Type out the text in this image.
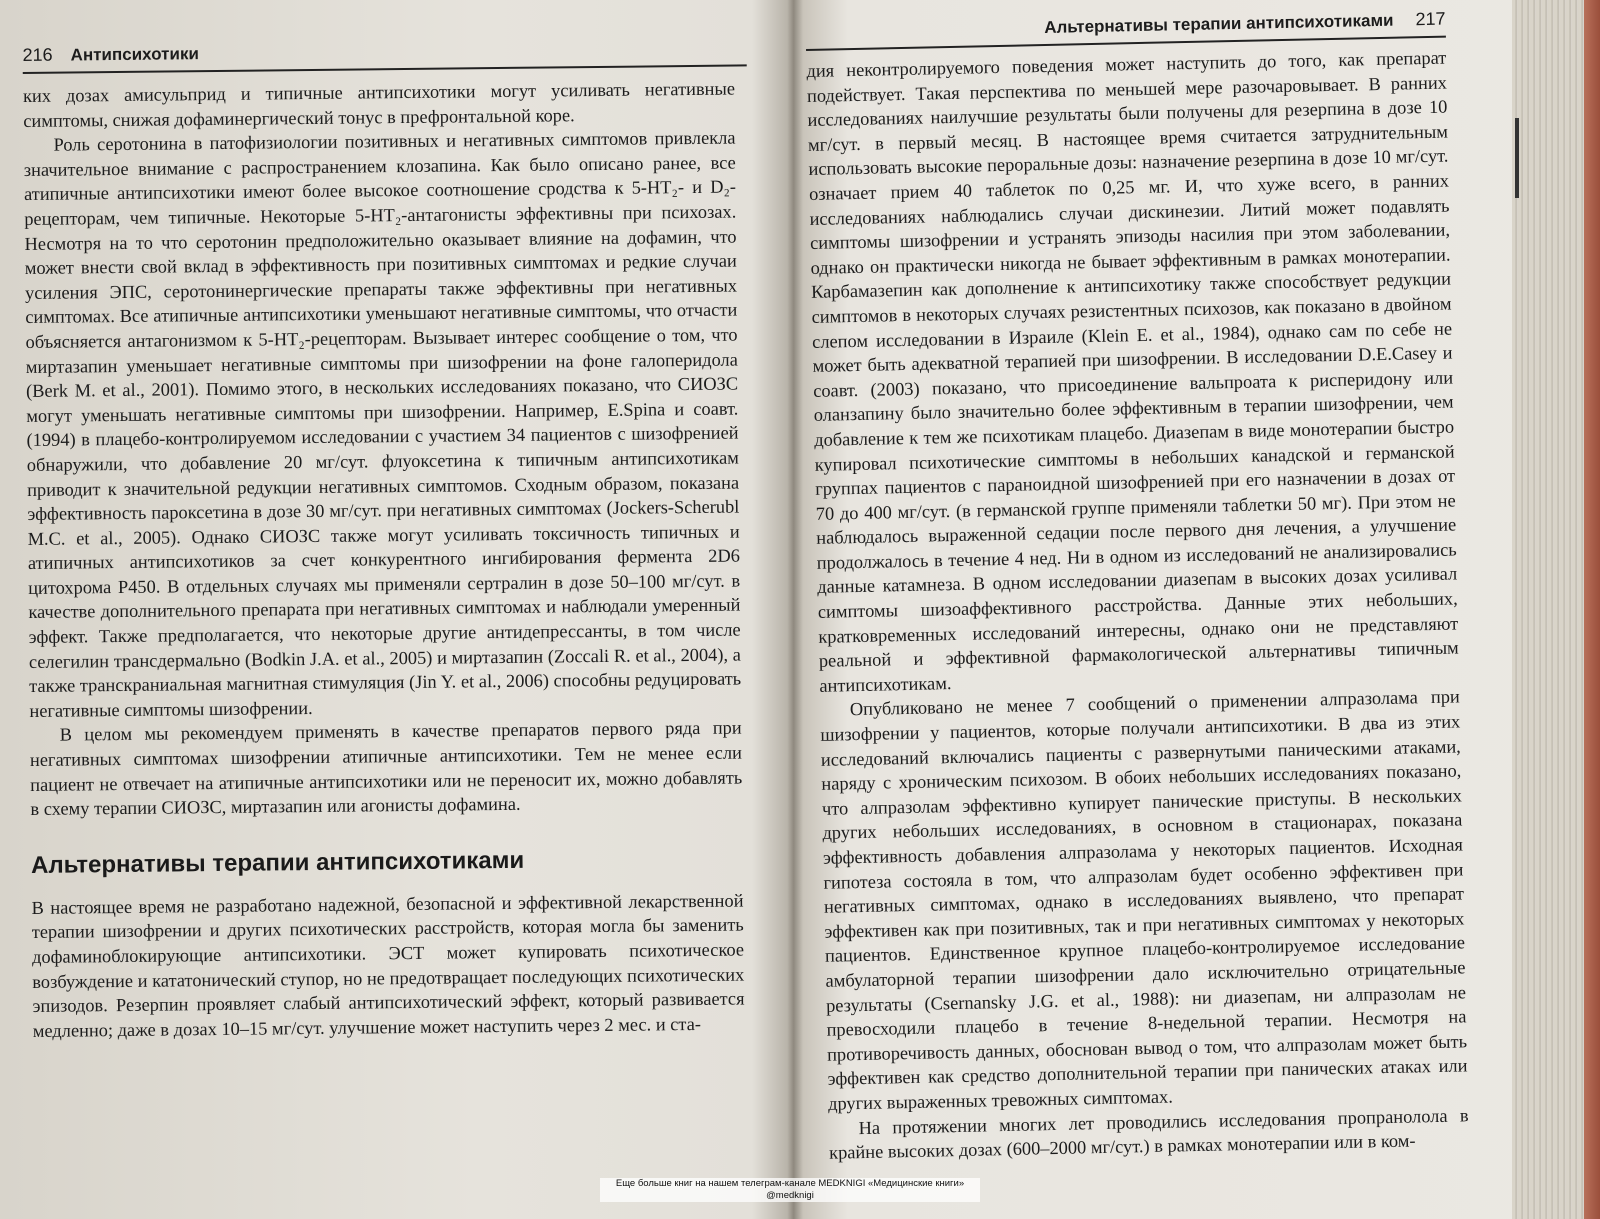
216 Антипсихотики

ких дозах амисульприд и типичные антипсихотики могут усиливать негативные симптомы, снижая дофаминергический тонус в префронтальной коре.

Роль серотонина в патофизиологии позитивных и негативных симптомов привлекла значительное внимание с распространением клозапина. Как было описано ранее, все атипичные антипсихотики имеют более высокое соотношение сродства к 5-HT₂- и D₂-рецепторам, чем типичные. Некоторые 5-HT₂-антагонисты эффективны при психозах. Несмотря на то что серотонин предположительно оказывает влияние на дофамин, что может внести свой вклад в эффективность при позитивных симптомах и редкие случаи усиления ЭПС, серотонинергические препараты также эффективны при негативных симптомах. Все атипичные антипсихотики уменьшают негативные симптомы, что отчасти объясняется антагонизмом к 5-HT₂-рецепторам. Вызывает интерес сообщение о том, что миртазапин уменьшает негативные симптомы при шизофрении на фоне галоперидола (Berk M. et al., 2001). Помимо этого, в нескольких исследованиях показано, что СИОЗС могут уменьшать негативные симптомы при шизофрении. Например, E.Spina и соавт. (1994) в плацебо-контролируемом исследовании с участием 34 пациентов с шизофренией обнаружили, что добавление 20 мг/сут. флуоксетина к типичным антипсихотикам приводит к значительной редукции негативных симптомов. Сходным образом, показана эффективность пароксетина в дозе 30 мг/сут. при негативных симптомах (Jockers-Scherubl M.C. et al., 2005). Однако СИОЗС также могут усиливать токсичность типичных и атипичных антипсихотиков за счет конкурентного ингибирования фермента 2D6 цитохрома P450. В отдельных случаях мы применяли сертралин в дозе 50–100 мг/сут. в качестве дополнительного препарата при негативных симптомах и наблюдали умеренный эффект. Также предполагается, что некоторые другие антидепрессанты, в том числе селегилин трансдермально (Bodkin J.A. et al., 2005) и миртазапин (Zoccali R. et al., 2004), а также транскраниальная магнитная стимуляция (Jin Y. et al., 2006) способны редуцировать негативные симптомы шизофрении.

В целом мы рекомендуем применять в качестве препаратов первого ряда при негативных симптомах шизофрении атипичные антипсихотики. Тем не менее если пациент не отвечает на атипичные антипсихотики или не переносит их, можно добавлять в схему терапии СИОЗС, миртазапин или агонисты дофамина.

Альтернативы терапии антипсихотиками

В настоящее время не разработано надежной, безопасной и эффективной лекарственной терапии шизофрении и других психотических расстройств, которая могла бы заменить дофаминоблокирующие антипсихотики. ЭСТ может купировать психотическое возбуждение и кататонический ступор, но не предотвращает последующих психотических эпизодов. Резерпин проявляет слабый антипсихотический эффект, который развивается медленно; даже в дозах 10–15 мг/сут. улучшение может наступить через 2 мес. и ста-

Альтернативы терапии антипсихотиками 217

дия неконтролируемого поведения может наступить до того, как препарат подействует. Такая перспектива по меньшей мере разочаровывает. В ранних исследованиях наилучшие результаты были получены для резерпина в дозе 10 мг/сут. в первый месяц. В настоящее время считается затруднительным использовать высокие пероральные дозы: назначение резерпина в дозе 10 мг/сут. означает прием 40 таблеток по 0,25 мг. И, что хуже всего, в ранних исследованиях наблюдались случаи дискинезии. Литий может подавлять симптомы шизофрении и устранять эпизоды насилия при этом заболевании, однако он практически никогда не бывает эффективным в рамках монотерапии. Карбамазепин как дополнение к антипсихотику также способствует редукции симптомов в некоторых случаях резистентных психозов, как показано в двойном слепом исследовании в Израиле (Klein E. et al., 1984), однако сам по себе не может быть адекватной терапией при шизофрении. В исследовании D.E.Casey и соавт. (2003) показано, что присоединение вальпроата к рисперидону или оланзапину было значительно более эффективным в терапии шизофрении, чем добавление к тем же психотикам плацебо. Диазепам в виде монотерапии быстро купировал психотические симптомы в небольших канадской и германской группах пациентов с параноидной шизофренией при его назначении в дозах от 70 до 400 мг/сут. (в германской группе применяли таблетки 50 мг). При этом не наблюдалось выраженной седации после первого дня лечения, а улучшение продолжалось в течение 4 нед. Ни в одном из исследований не анализировались данные катамнеза. В одном исследовании диазепам в высоких дозах усиливал симптомы шизоаффективного расстройства. Данные этих небольших, кратковременных исследований интересны, однако они не представляют реальной и эффективной фармакологической альтернативы типичным антипсихотикам.

Опубликовано не менее 7 сообщений о применении алпразолама при шизофрении у пациентов, которые получали антипсихотики. В два из этих исследований включались пациенты с развернутыми паническими атаками, наряду с хроническим психозом. В обоих небольших исследованиях показано, что алпразолам эффективно купирует панические приступы. В нескольких других небольших исследованиях, в основном в стационарах, показана эффективность добавления алпразолама у некоторых пациентов. Исходная гипотеза состояла в том, что алпразолам будет особенно эффективен при негативных симптомах, однако в исследованиях выявлено, что препарат эффективен как при позитивных, так и при негативных симптомах у некоторых пациентов. Единственное крупное плацебо-контролируемое исследование амбулаторной терапии шизофрении дало исключительно отрицательные результаты (Csernansky J.G. et al., 1988): ни диазепам, ни алпразолам не превосходили плацебо в течение 8-недельной терапии. Несмотря на противоречивость данных, обоснован вывод о том, что алпразолам может быть эффективен как средство дополнительной терапии при панических атаках или других выраженных тревожных симптомах.

На протяжении многих лет проводились исследования пропранолола в крайне высоких дозах (600–2000 мг/сут.) в рамках монотерапии или в ком-

Еще больше книг на нашем телеграм-канале MEDKNIGI «Медицинские книги»
@medknigi
